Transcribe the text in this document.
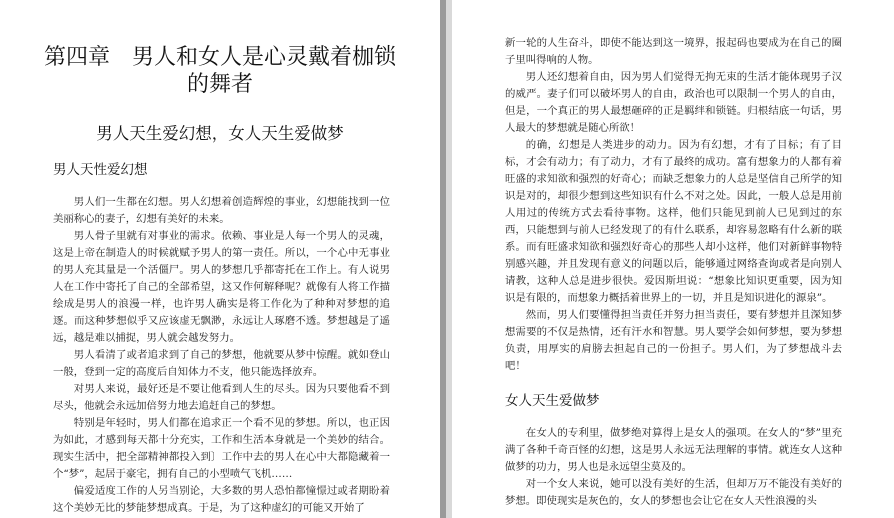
第四章　男人和女人是心灵戴着枷锁的舞者
男人天生爱幻想，女人天生爱做梦
男人天性爱幻想

男人们一生都在幻想。男人幻想着创造辉煌的事业，幻想能找到一位美丽称心的妻子，幻想有美好的未来。

男人骨子里就有对事业的需求。依赖、事业是人每一个男人的灵魂，这是上帝在制造人的时候就赋予男人的第一责任。所以，一个心中无事业的男人充其量是一个活僵尸。男人的梦想几乎都寄托在工作上。有人说男人在工作中寄托了自己的全部希望，这又作何解释呢？就像有人将工作描绘成是男人的浪漫一样，也许男人确实是将工作化为了种种对梦想的追逐。而这种梦想似乎又应该虚无飘渺，永远让人琢磨不透。梦想越是了遥远，越是难以捕捉，男人就会越发努力。

男人看清了或者追求到了自己的梦想，他就要从梦中惊醒。就如登山一般，登到一定的高度后自知体力不支，他只能选择放弃。

对男人来说，最好还是不要让他看到人生的尽头。因为只要他看不到尽头，他就会永远加倍努力地去追赶自己的梦想。

特别是年轻时，男人们都在追求正一个看不见的梦想。所以，也正因为如此，才感到每天都十分充实，工作和生活本身就是一个美妙的结合。现实生活中，把全部精神都投入到〕工作中去的男人在心中大都隐藏着一个“梦”，起居于豪宅，拥有自己的小型喷气飞机……

偏爱适度工作的人另当别论，大多数的男人恐怕都憧憬过或者期盼着这个美妙无比的梦能梦想成真。于是，为了这种虚幻的可能又开始了

新一轮的人生奋斗，即使不能达到这一境界，报起码也要成为在自己的圈子里叫得响的人物。

男人还幻想着自由，因为男人们觉得无拘无束的生活才能体现男子汉的威严。妻子们可以破坏男人的自由，政治也可以限制一个男人的自由，但是，一个真正的男人最想砸碎的正是羁绊和锁链。归根结底一句话，男人最大的梦想就是随心所欲！

的确，幻想是人类进步的动力。因为有幻想，才有了目标；有了目标，才会有动力；有了动力，才有了最终的成功。富有想象力的人都有着旺盛的求知欲和强烈的好奇心；而缺乏想象力的人总是坚信自己所学的知识是对的，却很少想到这些知识有什么不对之处。因此，一般人总是用前人用过的传统方式去看待事物。这样，他们只能见到前人已见到过的东西，只能想到与前人已经发现了的有什么联系，却容易忽略有什么新的联系。而有旺盛求知欲和强烈好奇心的那些人却小这样，他们对新鲜事物特别感兴趣，并且发现有意义的问题以后，能够通过网络查询或者是向别人请教，这种人总是进步很快。爱因斯坦说：“想象比知识更重要，因为知识是有限的，而想象力概括着世界上的一切，并且是知识进化的源泉”。

然而，男人们要懂得担当责任并努力担当责任，要有梦想并且深知梦想需要的不仅是热情，还有汗水和智慧。男人要学会如何梦想，要为梦想负责，用厚实的肩膀去担起自己的一份担子。男人们，为了梦想战斗去吧！

女人天生爱做梦

在女人的专利里，做梦绝对算得上是女人的强项。在女人的“梦”里充满了各种千奇百怪的幻想，这是男人永远无法理解的事情。就连女人这种做梦的功力，男人也是永远望尘莫及的。

对一个女人来说，她可以没有美好的生活，但却万万不能没有美好的梦想。即使现实是灰色的，女人的梦想也会让它在女人天性浪漫的头
